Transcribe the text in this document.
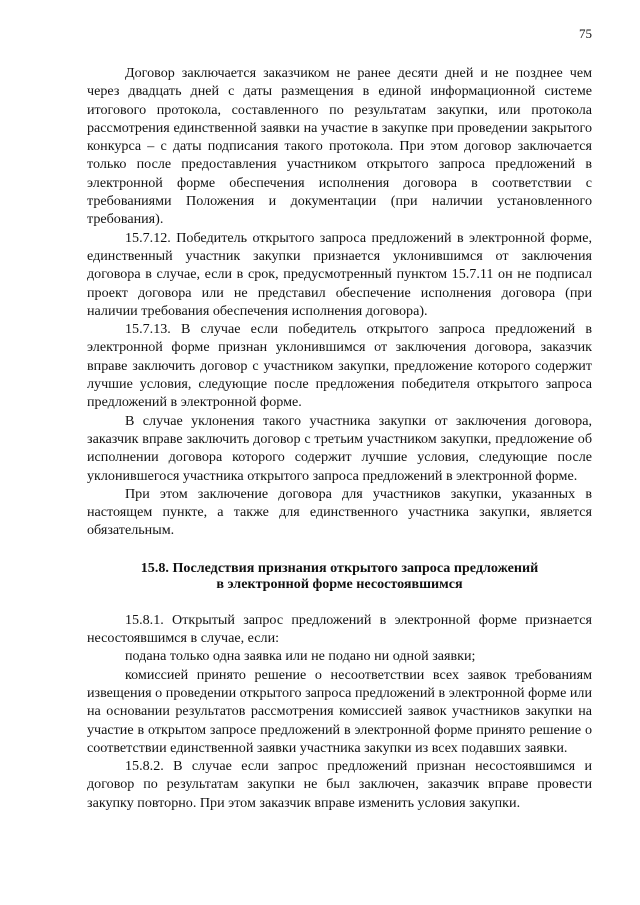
75

Договор заключается заказчиком не ранее десяти дней и не позднее чем через двадцать дней с даты размещения в единой информационной системе итогового протокола, составленного по результатам закупки, или протокола рассмотрения единственной заявки на участие в закупке при проведении закрытого конкурса – с даты подписания такого протокола. При этом договор заключается только после предоставления участником открытого запроса предложений в электронной форме обеспечения исполнения договора в соответствии с требованиями Положения и документации (при наличии установленного требования).

15.7.12. Победитель открытого запроса предложений в электронной форме, единственный участник закупки признается уклонившимся от заключения договора в случае, если в срок, предусмотренный пунктом 15.7.11 он не подписал проект договора или не представил обеспечение исполнения договора (при наличии требования обеспечения исполнения договора).

15.7.13. В случае если победитель открытого запроса предложений в электронной форме признан уклонившимся от заключения договора, заказчик вправе заключить договор с участником закупки, предложение которого содержит лучшие условия, следующие после предложения победителя открытого запроса предложений в электронной форме.

В случае уклонения такого участника закупки от заключения договора, заказчик вправе заключить договор с третьим участником закупки, предложение об исполнении договора которого содержит лучшие условия, следующие после уклонившегося участника открытого запроса предложений в электронной форме.

При этом заключение договора для участников закупки, указанных в настоящем пункте, а также для единственного участника закупки, является обязательным.

15.8. Последствия признания открытого запроса предложений
в электронной форме несостоявшимся

15.8.1. Открытый запрос предложений в электронной форме признается несостоявшимся в случае, если:

подана только одна заявка или не подано ни одной заявки;

комиссией принято решение о несоответствии всех заявок требованиям извещения о проведении открытого запроса предложений в электронной форме или на основании результатов рассмотрения комиссией заявок участников закупки на участие в открытом запросе предложений в электронной форме принято решение о соответствии единственной заявки участника закупки из всех подавших заявки.

15.8.2. В случае если запрос предложений признан несостоявшимся и договор по результатам закупки не был заключен, заказчик вправе провести закупку повторно. При этом заказчик вправе изменить условия закупки.
